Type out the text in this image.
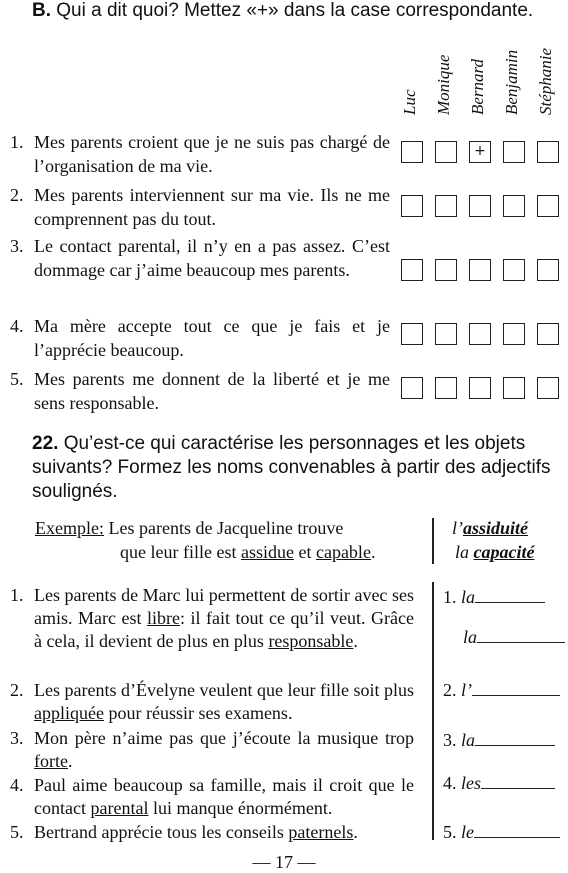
B. Qui a dit quoi? Mettez «+» dans la case correspondante.
Luc Monique Bernard Benjamin Stéphanie
1. Mes parents croient que je ne suis pas chargé de l’organisation de ma vie.
2. Mes parents interviennent sur ma vie. Ils ne me comprennent pas du tout.
3. Le contact parental, il n’y en a pas assez. C’est dommage car j’aime beaucoup mes parents.
4. Ma mère accepte tout ce que je fais et je l’apprécie beaucoup.
5. Mes parents me donnent de la liberté et je me sens responsable.
+
22. Qu’est-ce qui caractérise les personnages et les objets suivants? Formez les noms convenables à partir des adjectifs soulignés.
Exemple: Les parents de Jacqueline trouve
que leur fille est assidue et capable.
l’assiduité
la capacité
1. Les parents de Marc lui permettent de sortir avec ses amis. Marc est libre: il fait tout ce qu’il veut. Grâce à cela, il devient de plus en plus responsable.
2. Les parents d’Évelyne veulent que leur fille soit plus appliquée pour réussir ses examens.
3. Mon père n’aime pas que j’écoute la musique trop forte.
4. Paul aime beaucoup sa famille, mais il croit que le contact parental lui manque énormément.
5. Bertrand apprécie tous les conseils paternels.
1. la
la
2. l’
3. la
4. les
5. le
— 17 —
